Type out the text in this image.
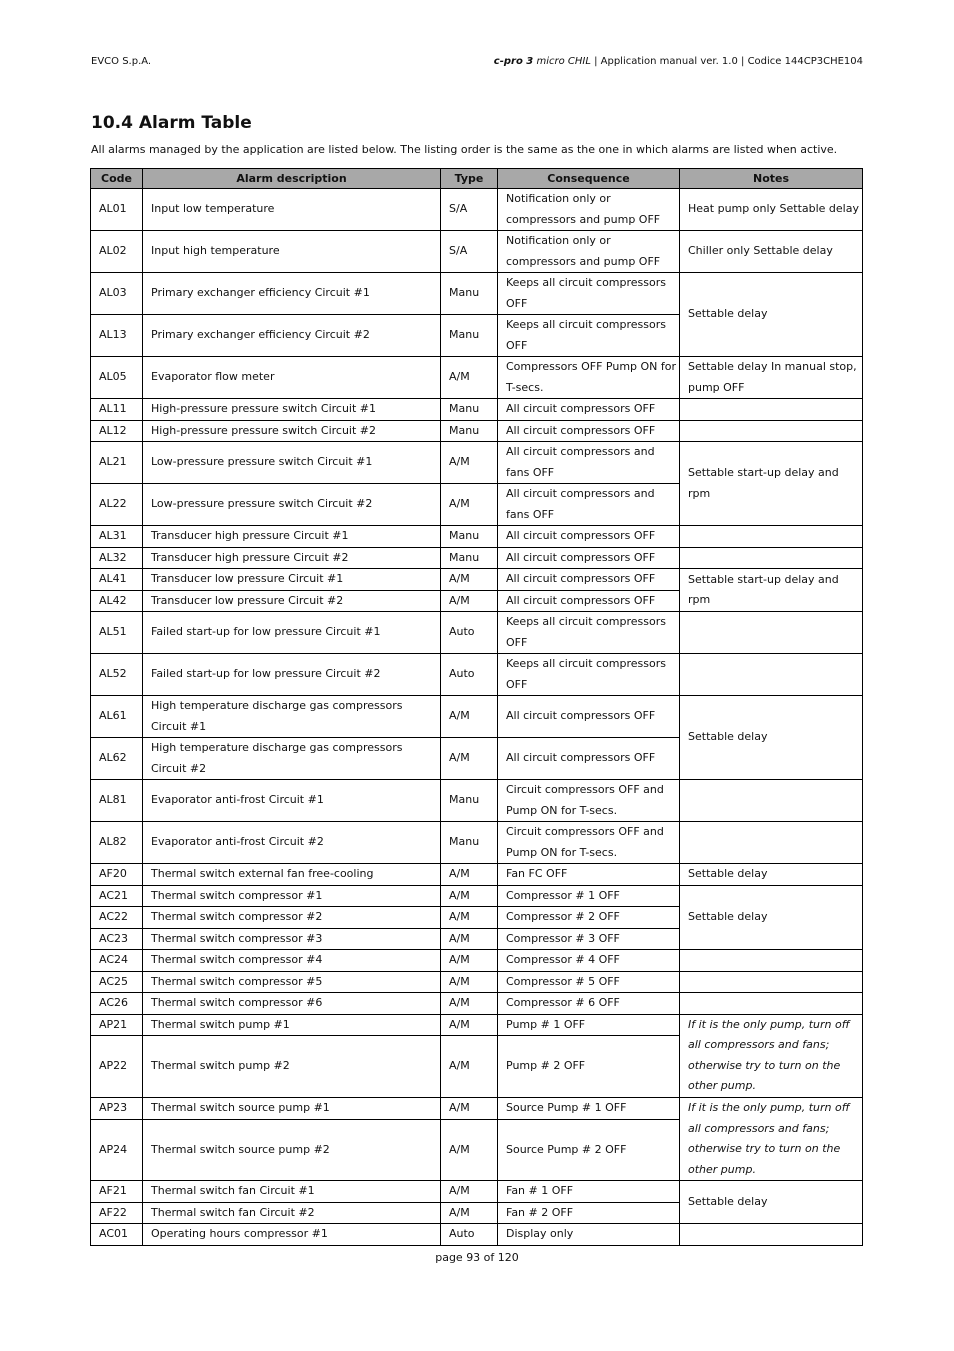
EVCO S.p.A.	c-pro 3 micro CHIL | Application manual ver. 1.0 | Codice 144CP3CHE104
10.4 Alarm Table

All alarms managed by the application are listed below. The listing order is the same as the one in which alarms are listed when active.

Code	Alarm description	Type	Consequence	Notes
AL01	Input low temperature	S/A	Notification only or compressors and pump OFF	Heat pump only Settable delay
AL02	Input high temperature	S/A	Notification only or compressors and pump OFF	Chiller only Settable delay
AL03	Primary exchanger efficiency Circuit #1	Manu	Keeps all circuit compressors OFF	Settable delay
AL13	Primary exchanger efficiency Circuit #2	Manu	Keeps all circuit compressors OFF	
AL05	Evaporator flow meter	A/M	Compressors OFF Pump ON for T-secs.	Settable delay In manual stop, pump OFF
AL11	High-pressure pressure switch Circuit #1	Manu	All circuit compressors OFF	
AL12	High-pressure pressure switch Circuit #2	Manu	All circuit compressors OFF	
AL21	Low-pressure pressure switch Circuit #1	A/M	All circuit compressors and fans OFF	Settable start-up delay and rpm
AL22	Low-pressure pressure switch Circuit #2	A/M	All circuit compressors and fans OFF	
AL31	Transducer high pressure Circuit #1	Manu	All circuit compressors OFF	
AL32	Transducer high pressure Circuit #2	Manu	All circuit compressors OFF	
AL41	Transducer low pressure Circuit #1	A/M	All circuit compressors OFF	Settable start-up delay and rpm
AL42	Transducer low pressure Circuit #2	A/M	All circuit compressors OFF	
AL51	Failed start-up for low pressure Circuit #1	Auto	Keeps all circuit compressors OFF	
AL52	Failed start-up for low pressure Circuit #2	Auto	Keeps all circuit compressors OFF	
AL61	High temperature discharge gas compressors Circuit #1	A/M	All circuit compressors OFF	Settable delay
AL62	High temperature discharge gas compressors Circuit #2	A/M	All circuit compressors OFF	
AL81	Evaporator anti-frost Circuit #1	Manu	Circuit compressors OFF and Pump ON for T-secs.	
AL82	Evaporator anti-frost Circuit #2	Manu	Circuit compressors OFF and Pump ON for T-secs.	
AF20	Thermal switch external fan free-cooling	A/M	Fan FC OFF	Settable delay
AC21	Thermal switch compressor #1	A/M	Compressor # 1 OFF	Settable delay
AC22	Thermal switch compressor #2	A/M	Compressor # 2 OFF	
AC23	Thermal switch compressor #3	A/M	Compressor # 3 OFF	
AC24	Thermal switch compressor #4	A/M	Compressor # 4 OFF	
AC25	Thermal switch compressor #5	A/M	Compressor # 5 OFF	
AC26	Thermal switch compressor #6	A/M	Compressor # 6 OFF	
AP21	Thermal switch pump #1	A/M	Pump # 1 OFF	If it is the only pump, turn off all compressors and fans; otherwise try to turn on the other pump.
AP22	Thermal switch pump #2	A/M	Pump # 2 OFF	
AP23	Thermal switch source pump #1	A/M	Source Pump # 1 OFF	If it is the only pump, turn off all compressors and fans; otherwise try to turn on the other pump.
AP24	Thermal switch source pump #2	A/M	Source Pump # 2 OFF	
AF21	Thermal switch fan Circuit #1	A/M	Fan # 1 OFF	Settable delay
AF22	Thermal switch fan Circuit #2	A/M	Fan # 2 OFF	
AC01	Operating hours compressor #1	Auto	Display only	
page 93 of 120
